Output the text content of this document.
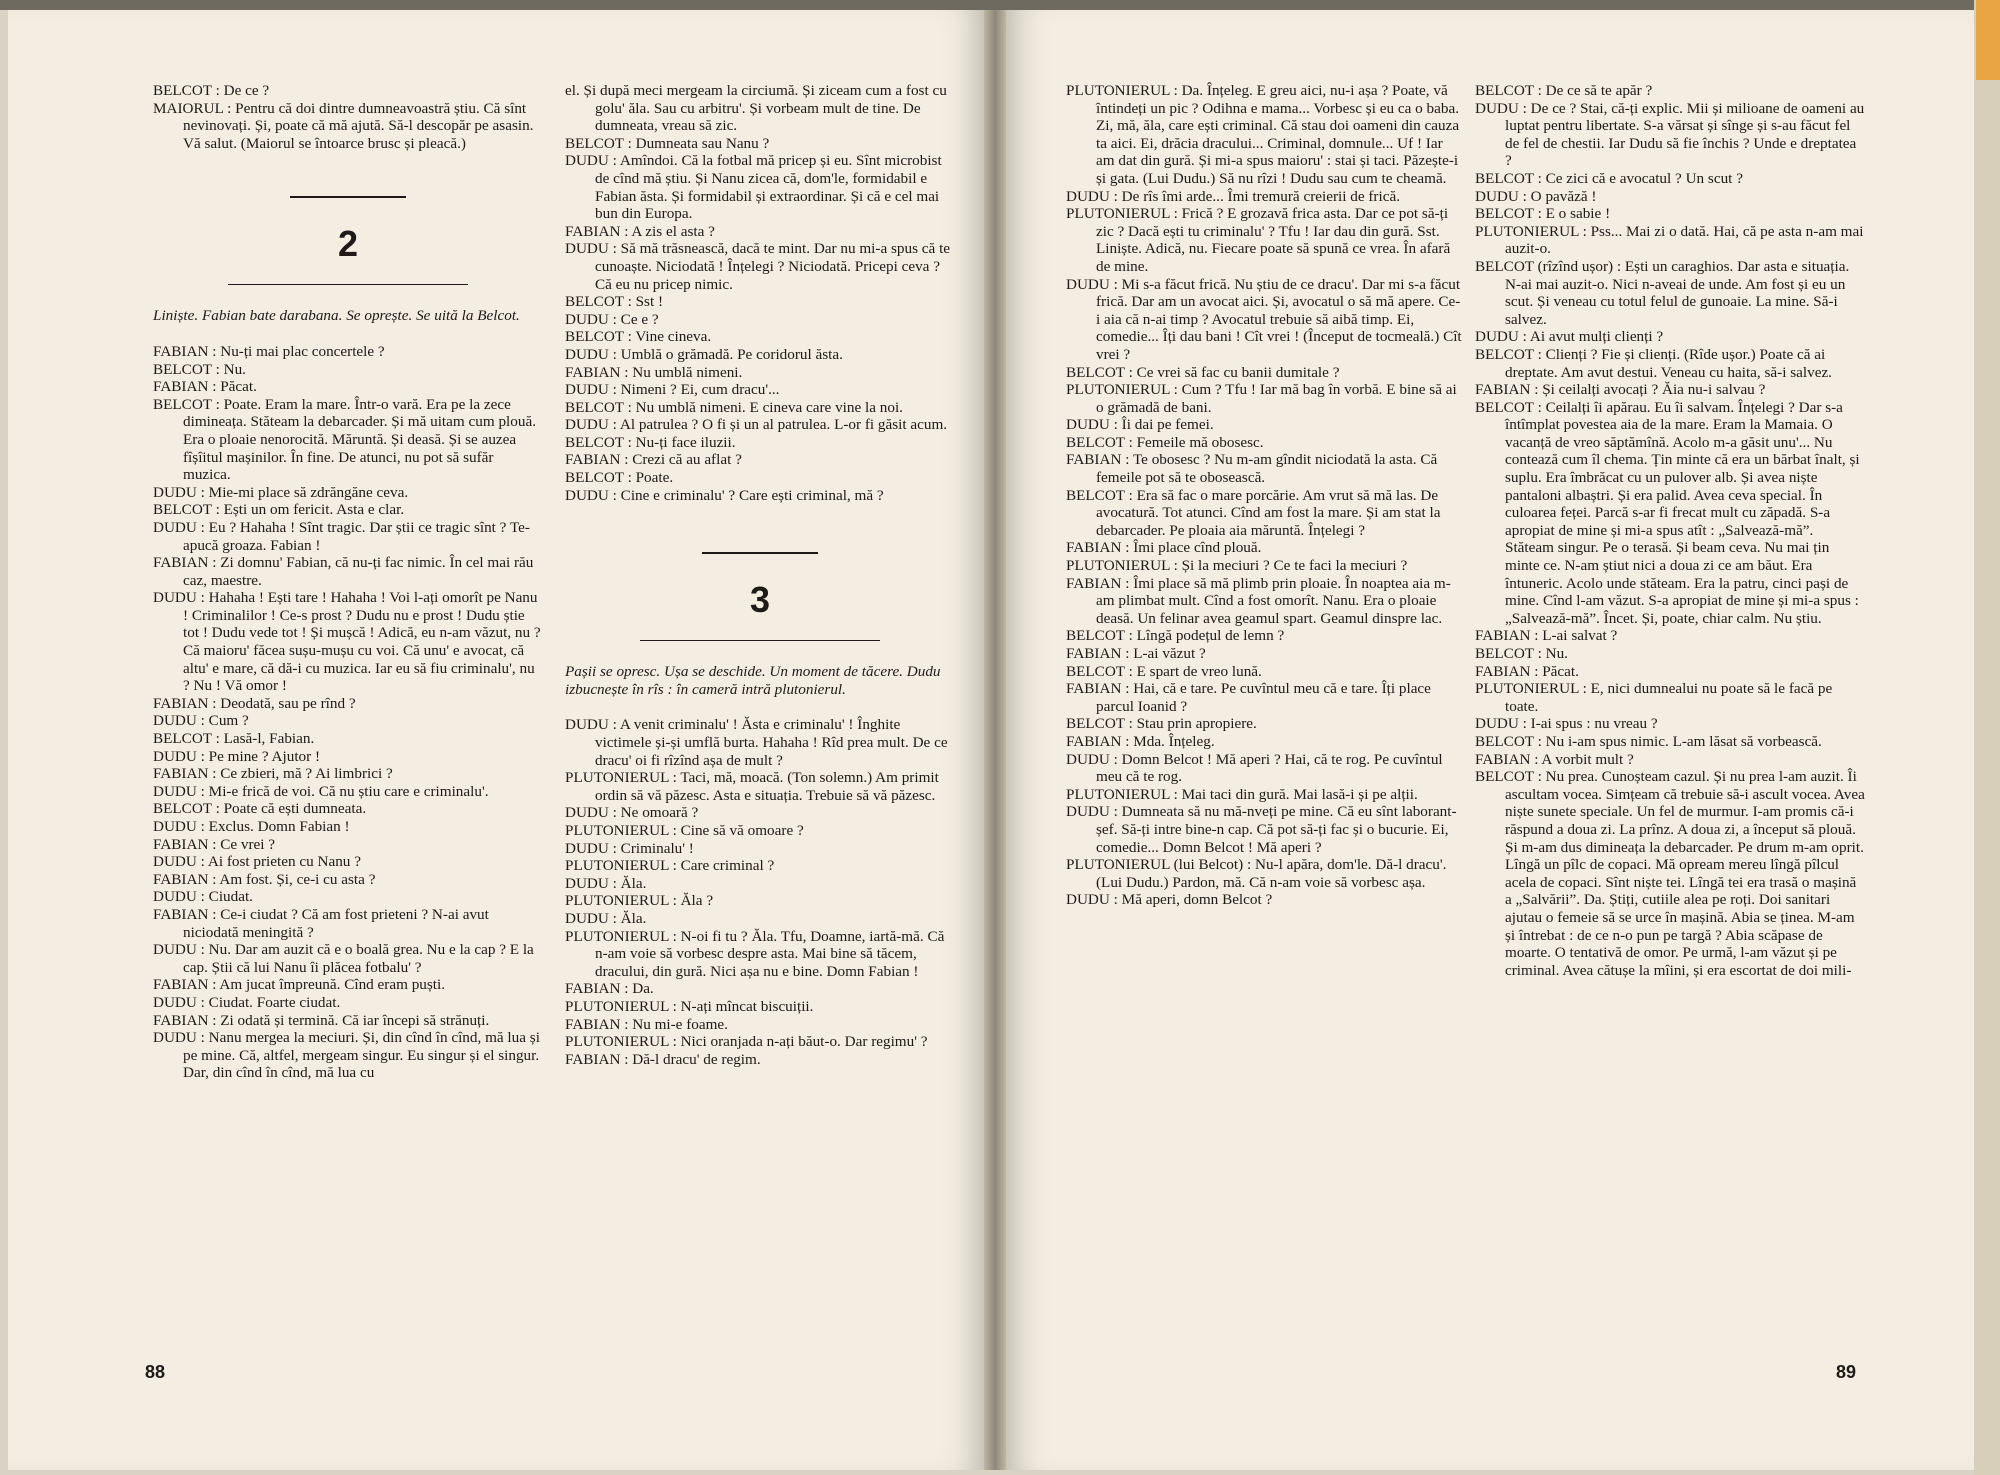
BELCOT : De ce ?

MAIORUL : Pentru că doi dintre dumneavoastră știu. Că sînt nevinovați. Și, poate că mă ajută. Să-l descopăr pe asasin. Vă salut. (Maiorul se întoarce brusc și pleacă.)

2

Liniște. Fabian bate darabana. Se oprește. Se uită la Belcot.

FABIAN : Nu-ți mai plac concertele ?

BELCOT : Nu.

FABIAN : Păcat.

BELCOT : Poate. Eram la mare. Într-o vară. Era pe la zece dimineața. Stăteam la debarcader. Și mă uitam cum plouă. Era o ploaie nenorocită. Măruntă. Și deasă. Și se auzea fîșîitul mașinilor. În fine. De atunci, nu pot să sufăr muzica.

DUDU : Mie-mi place să zdrăngăne ceva.

BELCOT : Ești un om fericit. Asta e clar.

DUDU : Eu ? Hahaha ! Sînt tragic. Dar știi ce tragic sînt ? Te-apucă groaza. Fabian !

FABIAN : Zi domnu' Fabian, că nu-ți fac nimic. În cel mai rău caz, maestre.

DUDU : Hahaha ! Ești tare ! Hahaha ! Voi l-ați omorît pe Nanu ! Criminalilor ! Ce-s prost ? Dudu nu e prost ! Dudu știe tot ! Dudu vede tot ! Și mușcă ! Adică, eu n-am văzut, nu ? Că maioru' făcea sușu-mușu cu voi. Că unu' e avocat, că altu' e mare, că dă-i cu muzica. Iar eu să fiu criminalu', nu ? Nu ! Vă omor !

FABIAN : Deodată, sau pe rînd ?

DUDU : Cum ?

BELCOT : Lasă-l, Fabian.

DUDU : Pe mine ? Ajutor !

FABIAN : Ce zbieri, mă ? Ai limbrici ?

DUDU : Mi-e frică de voi. Că nu știu care e criminalu'.

BELCOT : Poate că ești dumneata.

DUDU : Exclus. Domn Fabian !

FABIAN : Ce vrei ?

DUDU : Ai fost prieten cu Nanu ?

FABIAN : Am fost. Și, ce-i cu asta ?

DUDU : Ciudat.

FABIAN : Ce-i ciudat ? Că am fost prieteni ? N-ai avut niciodată meningită ?

DUDU : Nu. Dar am auzit că e o boală grea. Nu e la cap ? E la cap. Știi că lui Nanu îi plăcea fotbalu' ?

FABIAN : Am jucat împreună. Cînd eram puști.

DUDU : Ciudat. Foarte ciudat.

FABIAN : Zi odată și termină. Că iar începi să strănuți.

DUDU : Nanu mergea la meciuri. Și, din cînd în cînd, mă lua și pe mine. Că, altfel, mergeam singur. Eu singur și el singur. Dar, din cînd în cînd, mă lua cu

el. Și după meci mergeam la circiumă. Și ziceam cum a fost cu golu' ăla. Sau cu arbitru'. Și vorbeam mult de tine. De dumneata, vreau să zic.

BELCOT : Dumneata sau Nanu ?

DUDU : Amîndoi. Că la fotbal mă pricep și eu. Sînt microbist de cînd mă știu. Și Nanu zicea că, dom'le, formidabil e Fabian ăsta. Și formidabil și extraordinar. Și că e cel mai bun din Europa.

FABIAN : A zis el asta ?

DUDU : Să mă trăsnească, dacă te mint. Dar nu mi-a spus că te cunoaște. Niciodată ! Înțelegi ? Niciodată. Pricepi ceva ? Că eu nu pricep nimic.

BELCOT : Sst !

DUDU : Ce e ?

BELCOT : Vine cineva.

DUDU : Umblă o grămadă. Pe coridorul ăsta.

FABIAN : Nu umblă nimeni.

DUDU : Nimeni ? Ei, cum dracu'...

BELCOT : Nu umblă nimeni. E cineva care vine la noi.

DUDU : Al patrulea ? O fi și un al patrulea. L-or fi găsit acum.

BELCOT : Nu-ți face iluzii.

FABIAN : Crezi că au aflat ?

BELCOT : Poate.

DUDU : Cine e criminalu' ? Care ești criminal, mă ?

3

Pașii se opresc. Ușa se deschide. Un moment de tăcere. Dudu izbucnește în rîs : în cameră intră plutonierul.

DUDU : A venit criminalu' ! Ăsta e criminalu' ! Înghite victimele și-și umflă burta. Hahaha ! Rîd prea mult. De ce dracu' oi fi rîzînd așa de mult ?

PLUTONIERUL : Taci, mă, moacă. (Ton solemn.) Am primit ordin să vă păzesc. Asta e situația. Trebuie să vă păzesc.

DUDU : Ne omoară ?

PLUTONIERUL : Cine să vă omoare ?

DUDU : Criminalu' !

PLUTONIERUL : Care criminal ?

DUDU : Ăla.

PLUTONIERUL : Ăla ?

DUDU : Ăla.

PLUTONIERUL : N-oi fi tu ? Ăla. Tfu, Doamne, iartă-mă. Că n-am voie să vorbesc despre asta. Mai bine să tăcem, dracului, din gură. Nici așa nu e bine. Domn Fabian !

FABIAN : Da.

PLUTONIERUL : N-ați mîncat biscuiții.

FABIAN : Nu mi-e foame.

PLUTONIERUL : Nici oranjada n-ați băut-o. Dar regimu' ?

FABIAN : Dă-l dracu' de regim.

88

PLUTONIERUL : Da. Înțeleg. E greu aici, nu-i așa ? Poate, vă întindeți un pic ? Odihna e mama... Vorbesc și eu ca o baba. Zi, mă, ăla, care ești criminal. Că stau doi oameni din cauza ta aici. Ei, drăcia dracului... Criminal, domnule... Uf ! Iar am dat din gură. Și mi-a spus maioru' : stai și taci. Păzește-i și gata. (Lui Dudu.) Să nu rîzi ! Dudu sau cum te cheamă.

DUDU : De rîs îmi arde... Îmi tremură creierii de frică.

PLUTONIERUL : Frică ? E grozavă frica asta. Dar ce pot să-ți zic ? Dacă ești tu criminalu' ? Tfu ! Iar dau din gură. Sst. Liniște. Adică, nu. Fiecare poate să spună ce vrea. În afară de mine.

DUDU : Mi s-a făcut frică. Nu știu de ce dracu'. Dar mi s-a făcut frică. Dar am un avocat aici. Și, avocatul o să mă apere. Ce-i aia că n-ai timp ? Avocatul trebuie să aibă timp. Ei, comedie... Îți dau bani ! Cît vrei ! (Început de tocmeală.) Cît vrei ?

BELCOT : Ce vrei să fac cu banii dumitale ?

PLUTONIERUL : Cum ? Tfu ! Iar mă bag în vorbă. E bine să ai o grămadă de bani.

DUDU : Îi dai pe femei.

BELCOT : Femeile mă obosesc.

FABIAN : Te obosesc ? Nu m-am gîndit niciodată la asta. Că femeile pot să te obosească.

BELCOT : Era să fac o mare porcărie. Am vrut să mă las. De avocatură. Tot atunci. Cînd am fost la mare. Și am stat la debarcader. Pe ploaia aia măruntă. Înțelegi ?

FABIAN : Îmi place cînd plouă.

PLUTONIERUL : Și la meciuri ? Ce te faci la meciuri ?

FABIAN : Îmi place să mă plimb prin ploaie. În noaptea aia m-am plimbat mult. Cînd a fost omorît. Nanu. Era o ploaie deasă. Un felinar avea geamul spart. Geamul dinspre lac.

BELCOT : Lîngă podețul de lemn ?

FABIAN : L-ai văzut ?

BELCOT : E spart de vreo lună.

FABIAN : Hai, că e tare. Pe cuvîntul meu că e tare. Îți place parcul Ioanid ?

BELCOT : Stau prin apropiere.

FABIAN : Mda. Înțeleg.

DUDU : Domn Belcot ! Mă aperi ? Hai, că te rog. Pe cuvîntul meu că te rog.

PLUTONIERUL : Mai taci din gură. Mai lasă-i și pe alții.

DUDU : Dumneata să nu mă-nveți pe mine. Că eu sînt laborant-șef. Să-ți intre bine-n cap. Că pot să-ți fac și o bucurie. Ei, comedie... Domn Belcot ! Mă aperi ?

PLUTONIERUL (lui Belcot) : Nu-l apăra, dom'le. Dă-l dracu'. (Lui Dudu.) Pardon, mă. Că n-am voie să vorbesc așa.

DUDU : Mă aperi, domn Belcot ?

BELCOT : De ce să te apăr ?

DUDU : De ce ? Stai, că-ți explic. Mii și milioane de oameni au luptat pentru libertate. S-a vărsat și sînge și s-au făcut fel de fel de chestii. Iar Dudu să fie închis ? Unde e dreptatea ?

BELCOT : Ce zici că e avocatul ? Un scut ?

DUDU : O pavăză !

BELCOT : E o sabie !

PLUTONIERUL : Pss... Mai zi o dată. Hai, că pe asta n-am mai auzit-o.

BELCOT (rîzînd ușor) : Ești un caraghios. Dar asta e situația. N-ai mai auzit-o. Nici n-aveai de unde. Am fost și eu un scut. Și veneau cu totul felul de gunoaie. La mine. Să-i salvez.

DUDU : Ai avut mulți clienți ?

BELCOT : Clienți ? Fie și clienți. (Rîde ușor.) Poate că ai dreptate. Am avut destui. Veneau cu haita, să-i salvez.

FABIAN : Și ceilalți avocați ? Ăia nu-i salvau ?

BELCOT : Ceilalți îi apărau. Eu îi salvam. Înțelegi ? Dar s-a întîmplat povestea aia de la mare. Eram la Mamaia. O vacanță de vreo săptămînă. Acolo m-a găsit unu'... Nu contează cum îl chema. Țin minte că era un bărbat înalt, și suplu. Era îmbrăcat cu un pulover alb. Și avea niște pantaloni albaștri. Și era palid. Avea ceva special. În culoarea feței. Parcă s-ar fi frecat mult cu zăpadă. S-a apropiat de mine și mi-a spus atît : „Salvează-mă”. Stăteam singur. Pe o terasă. Și beam ceva. Nu mai țin minte ce. N-am știut nici a doua zi ce am băut. Era întuneric. Acolo unde stăteam. Era la patru, cinci pași de mine. Cînd l-am văzut. S-a apropiat de mine și mi-a spus : „Salvează-mă”. Încet. Și, poate, chiar calm. Nu știu.

FABIAN : L-ai salvat ?

BELCOT : Nu.

FABIAN : Păcat.

PLUTONIERUL : E, nici dumnealui nu poate să le facă pe toate.

DUDU : I-ai spus : nu vreau ?

BELCOT : Nu i-am spus nimic. L-am lăsat să vorbească.

FABIAN : A vorbit mult ?

BELCOT : Nu prea. Cunoșteam cazul. Și nu prea l-am auzit. Îi ascultam vocea. Simțeam că trebuie să-i ascult vocea. Avea niște sunete speciale. Un fel de murmur. I-am promis că-i răspund a doua zi. La prînz. A doua zi, a început să plouă. Și m-am dus dimineața la debarcader. Pe drum m-am oprit. Lîngă un pîlc de copaci. Mă opream mereu lîngă pîlcul acela de copaci. Sînt niște tei. Lîngă tei era trasă o mașină a „Salvării”. Da. Știți, cutiile alea pe roți. Doi sanitari ajutau o femeie să se urce în mașină. Abia se ținea. M-am și întrebat : de ce n-o pun pe targă ? Abia scăpase de moarte. O tentativă de omor. Pe urmă, l-am văzut și pe criminal. Avea cătușe la mîini, și era escortat de doi mili-

89
